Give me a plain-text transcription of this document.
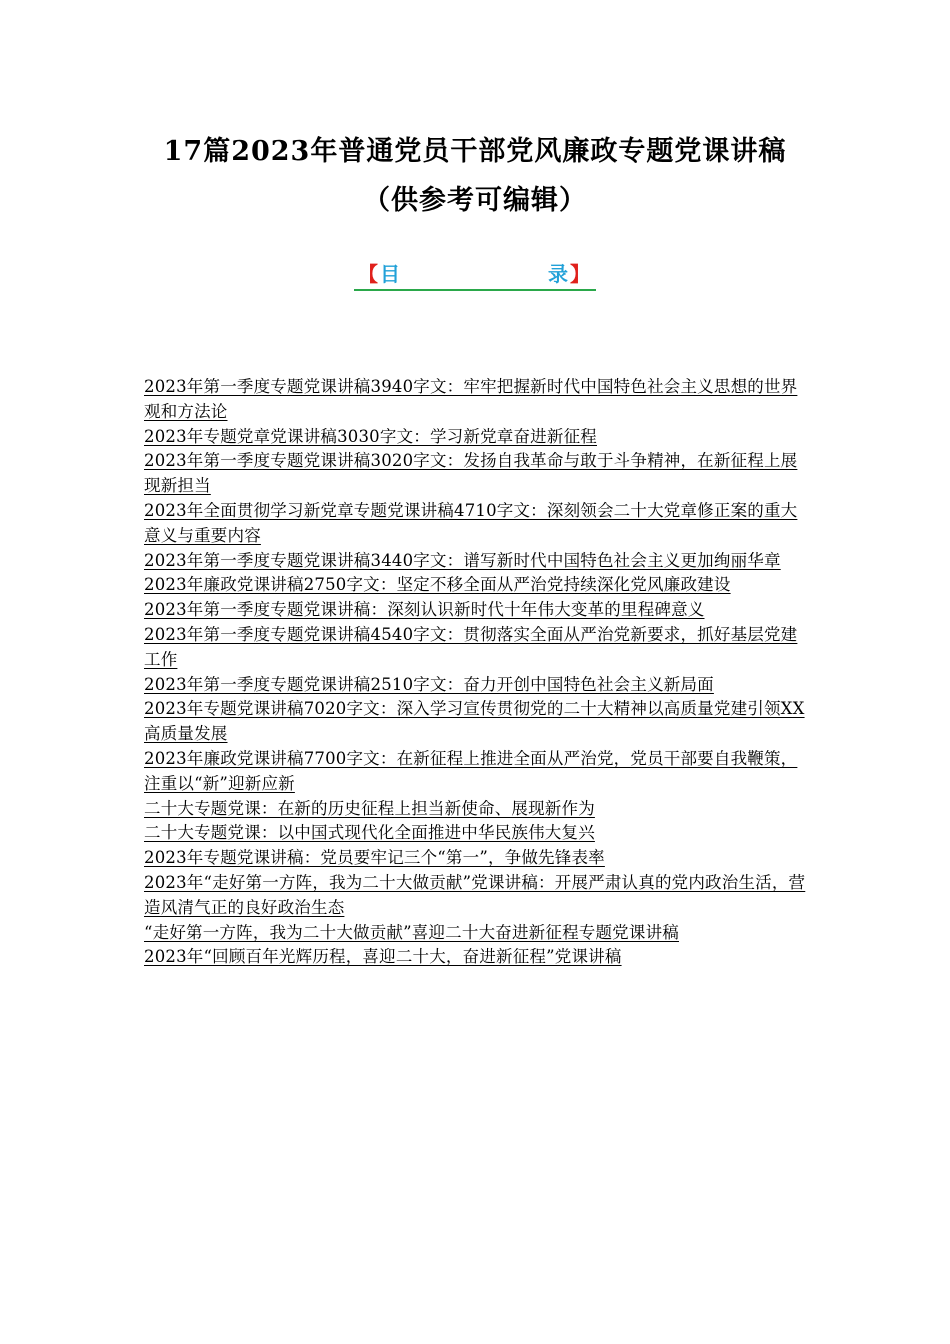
17篇2023年普通党员干部党风廉政专题党课讲稿
（供参考可编辑）
【 目	录 】
2023年第一季度专题党课讲稿3940字文：牢牢把握新时代中国特色社会主义思想的世界观和方法论
2023年专题党章党课讲稿3030字文：学习新党章奋进新征程
2023年第一季度专题党课讲稿3020字文：发扬自我革命与敢于斗争精神，在新征程上展现新担当
2023年全面贯彻学习新党章专题党课讲稿4710字文：深刻领会二十大党章修正案的重大意义与重要内容
2023年第一季度专题党课讲稿3440字文：谱写新时代中国特色社会主义更加绚丽华章
2023年廉政党课讲稿2750字文：坚定不移全面从严治党持续深化党风廉政建设
2023年第一季度专题党课讲稿：深刻认识新时代十年伟大变革的里程碑意义
2023年第一季度专题党课讲稿4540字文：贯彻落实全面从严治党新要求，抓好基层党建工作
2023年第一季度专题党课讲稿2510字文：奋力开创中国特色社会主义新局面
2023年专题党课讲稿7020字文：深入学习宣传贯彻党的二十大精神以高质量党建引领XX高质量发展
2023年廉政党课讲稿7700字文：在新征程上推进全面从严治党，党员干部要自我鞭策，注重以“新”迎新应新
二十大专题党课：在新的历史征程上担当新使命、展现新作为
二十大专题党课：以中国式现代化全面推进中华民族伟大复兴
2023年专题党课讲稿：党员要牢记三个“第一”，争做先锋表率
2023年“走好第一方阵，我为二十大做贡献”党课讲稿：开展严肃认真的党内政治生活，营造风清气正的良好政治生态
“走好第一方阵，我为二十大做贡献”喜迎二十大奋进新征程专题党课讲稿
2023年“回顾百年光辉历程，喜迎二十大，奋进新征程”党课讲稿
